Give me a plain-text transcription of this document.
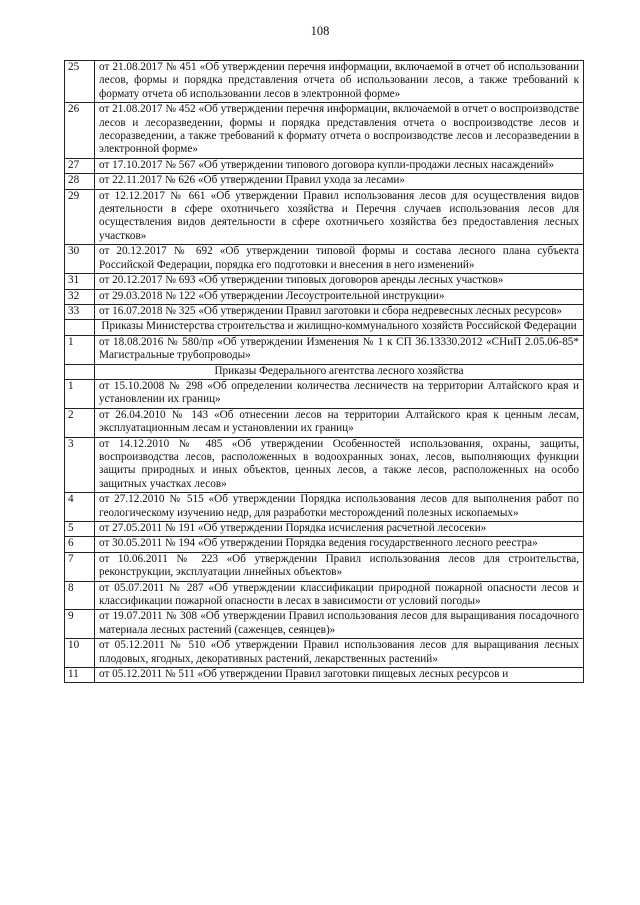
108
25	от 21.08.2017 № 451 «Об утверждении перечня информации, включаемой в отчет об использовании лесов, формы и порядка представления отчета об использовании лесов, а также требований к формату отчета об использовании лесов в электронной форме»
26	от 21.08.2017 № 452 «Об утверждении перечня информации, включаемой в отчет о воспроизводстве лесов и лесоразведении, формы и порядка представления отчета о воспроизводстве лесов и лесоразведении, а также требований к формату отчета о воспроизводстве лесов и лесоразведении в электронной форме»
27	от 17.10.2017 № 567 «Об утверждении типового договора купли-продажи лесных насаждений»
28	от 22.11.2017 № 626 «Об утверждении Правил ухода за лесами»
29	от 12.12.2017 № 661 «Об утверждении Правил использования лесов для осуществления видов деятельности в сфере охотничьего хозяйства и Перечня случаев использования лесов для осуществления видов деятельности в сфере охотничьего хозяйства без предоставления лесных участков»
30	от 20.12.2017 № 692 «Об утверждении типовой формы и состава лесного плана субъекта Российской Федерации, порядка его подготовки и внесения в него изменений»
31	от 20.12.2017 № 693 «Об утверждении типовых договоров аренды лесных участков»
32	от 29.03.2018 № 122 «Об утверждении Лесоустроительной инструкции»
33	от 16.07.2018 № 325 «Об утверждении Правил заготовки и сбора недревесных лесных ресурсов»
	Приказы Министерства строительства и жилищно-коммунального хозяйств Российской Федерации
1	от 18.08.2016 № 580/пр «Об утверждении Изменения № 1 к СП 36.13330.2012 «СНиП 2.05.06-85* Магистральные трубопроводы»
	Приказы Федерального агентства лесного хозяйства
1	от 15.10.2008 № 298 «Об определении количества лесничеств на территории Алтайского края и установлении их границ»
2	от 26.04.2010 № 143 «Об отнесении лесов на территории Алтайского края к ценным лесам, эксплуатационным лесам и установлении их границ»
3	от 14.12.2010 № 485 «Об утверждении Особенностей использования, охраны, защиты, воспроизводства лесов, расположенных в водоохранных зонах, лесов, выполняющих функции защиты природных и иных объектов, ценных лесов, а также лесов, расположенных на особо защитных участках лесов»
4	от 27.12.2010 № 515 «Об утверждении Порядка использования лесов для выполнения работ по геологическому изучению недр, для разработки месторождений полезных ископаемых»
5	от 27.05.2011 № 191 «Об утверждении Порядка исчисления расчетной лесосеки»
6	от 30.05.2011 № 194 «Об утверждении Порядка ведения государственного лесного реестра»
7	от 10.06.2011 № 223 «Об утверждении Правил использования лесов для строительства, реконструкции, эксплуатации линейных объектов»
8	от 05.07.2011 № 287 «Об утверждении классификации природной пожарной опасности лесов и классификации пожарной опасности в лесах в зависимости от условий погоды»
9	от 19.07.2011 № 308 «Об утверждении Правил использования лесов для выращивания посадочного материала лесных растений (саженцев, сеянцев)»
10	от 05.12.2011 № 510 «Об утверждении Правил использования лесов для выращивания лесных плодовых, ягодных, декоративных растений, лекарственных растений»
11	от 05.12.2011 № 511 «Об утверждении Правил заготовки пищевых лесных ресурсов и
